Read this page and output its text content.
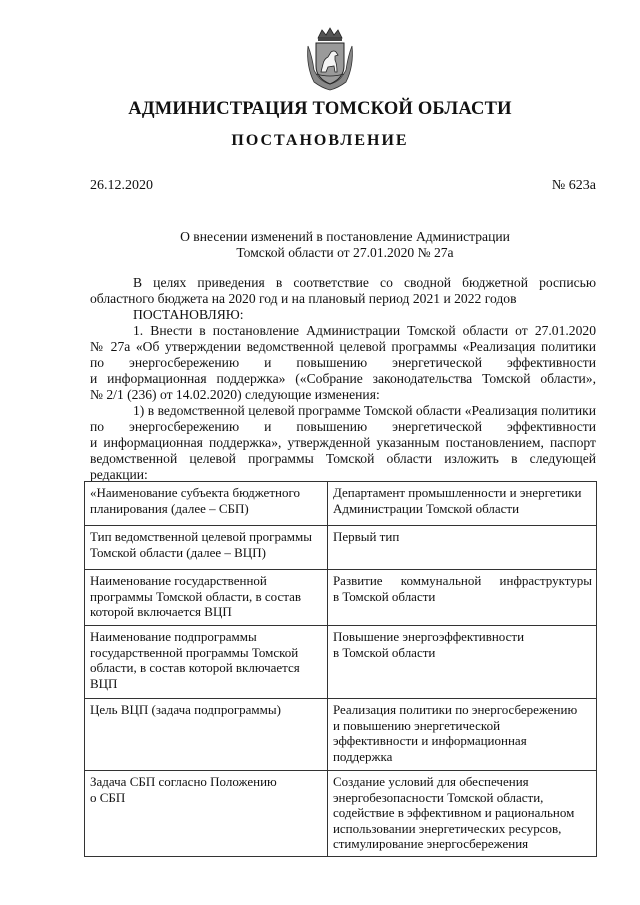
АДМИНИСТРАЦИЯ ТОМСКОЙ ОБЛАСТИ
ПОСТАНОВЛЕНИЕ
26.12.2020	№ 623а
О внесении изменений в постановление Администрации
Томской области от 27.01.2020 № 27а
В целях приведения в соответствие со сводной бюджетной росписью
областного бюджета на 2020 год и на плановый период 2021 и 2022 годов
ПОСТАНОВЛЯЮ:
1. Внести в постановление Администрации Томской области от 27.01.2020
№ 27а «Об утверждении ведомственной целевой программы «Реализация политики
по энергосбережению и повышению энергетической эффективности
и информационная поддержка» («Собрание законодательства Томской области»,
№ 2/1 (236) от 14.02.2020) следующие изменения:
1) в ведомственной целевой программе Томской области «Реализация политики
по энергосбережению и повышению энергетической эффективности
и информационная поддержка», утвержденной указанным постановлением, паспорт
ведомственной целевой программы Томской области изложить в следующей
редакции:
«Наименование субъекта бюджетного
планирования (далее – СБП)	Департамент промышленности и энергетики
Администрации Томской области

Тип ведомственной целевой программы
Томской области (далее – ВЦП)	Первый тип

Наименование государственной
программы Томской области, в состав
которой включается ВЦП	Развитие коммунальной инфраструктуры
в Томской области

Наименование подпрограммы
государственной программы Томской
области, в состав которой включается
ВЦП	Повышение энергоэффективности
в Томской области

Цель ВЦП (задача подпрограммы)	Реализация политики по энергосбережению
и повышению энергетической
эффективности и информационная
поддержка

Задача СБП согласно Положению
о СБП	Создание условий для обеспечения
энергобезопасности Томской области,
содействие в эффективном и рациональном
использовании энергетических ресурсов,
стимулирование энергосбережения
